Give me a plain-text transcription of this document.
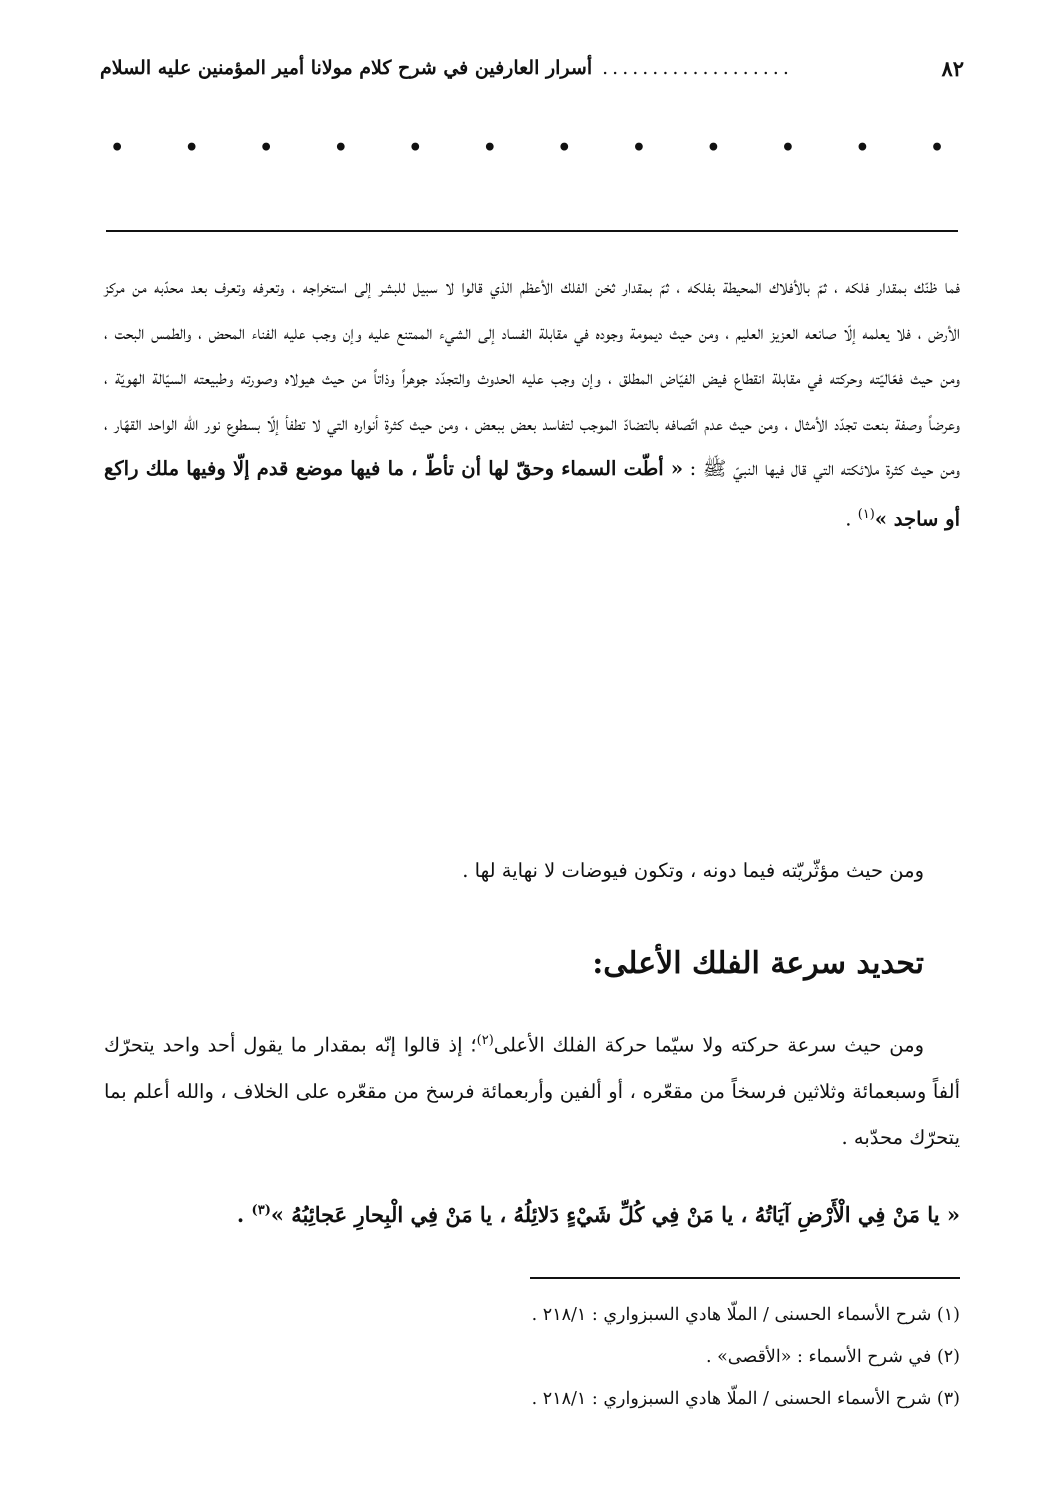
٨٢
...................
أسرار العارفين في شرح كلام مولانا أمير المؤمنين عليه السلام
•
•
•
•
•
•
•
•
•
•
•
•

فما ظنّك بمقدار فلكه ، ثمّ بالأفلاك المحيطة بفلكه ، ثمّ بمقدار ثخن الفلك الأعظم الذي قالوا لا سبيل للبشر إلى استخراجه ، وتعرفه وتعرف بعد محدّبه من مركز الأرض ، فلا يعلمه إلّا صانعه العزيز العليم ، ومن حيث ديمومة وجوده في مقابلة الفساد إلى الشيء الممتنع عليه وإن وجب عليه الفناء المحض ، والطمس البحت ، ومن حيث فعّاليّته وحركته في مقابلة انقطاع فيض الفيّاض المطلق ، وإن وجب عليه الحدوث والتجدّد جوهراً وذاتاً من حيث هيولاه وصورته وطبيعته السيّالة الهويّة ، وعرضاً وصفة بنعت تجدّد الأمثال ، ومن حيث عدم اتّصافه بالتضادّ الموجب لتفاسد بعض ببعض ، ومن حيث كثرة أنواره التي لا تطفأ إلّا بسطوع نور الله الواحد القهّار ، ومن حيث كثرة ملائكته التي قال فيها النبيّ ﷺ : « أطّت السماء وحقّ لها أن تأطّ ، ما فيها موضع قدم إلّا وفيها ملك راكع أو ساجد »$^{(١)}$ .

ومن حيث مؤثّريّته فيما دونه ، وتكون فيوضات لا نهاية لها .
تحديد سرعة الفلك الأعلى:

ومن حيث سرعة حركته ولا سيّما حركة الفلك الأعلى$^{(٢)}$؛ إذ قالوا إنّه بمقدار ما يقول أحد واحد يتحرّك ألفاً وسبعمائة وثلاثين فرسخاً من مقعّره ، أو ألفين وأربعمائة فرسخ من مقعّره على الخلاف ، والله أعلم بما يتحرّك محدّبه .

« يا مَنْ فِي الْأَرْضِ آيَاتُهُ ، يا مَنْ فِي كُلِّ شَيْءٍ دَلائِلُهُ ، يا مَنْ فِي الْبِحارِ عَجائِبُهُ »$^{(٣)}$ .
(١) شرح الأسماء الحسنى / الملّا هادي السبزواري : ٢١٨/١ .
(٢) في شرح الأسماء : «الأقصى» .
(٣) شرح الأسماء الحسنى / الملّا هادي السبزواري : ٢١٨/١ .
